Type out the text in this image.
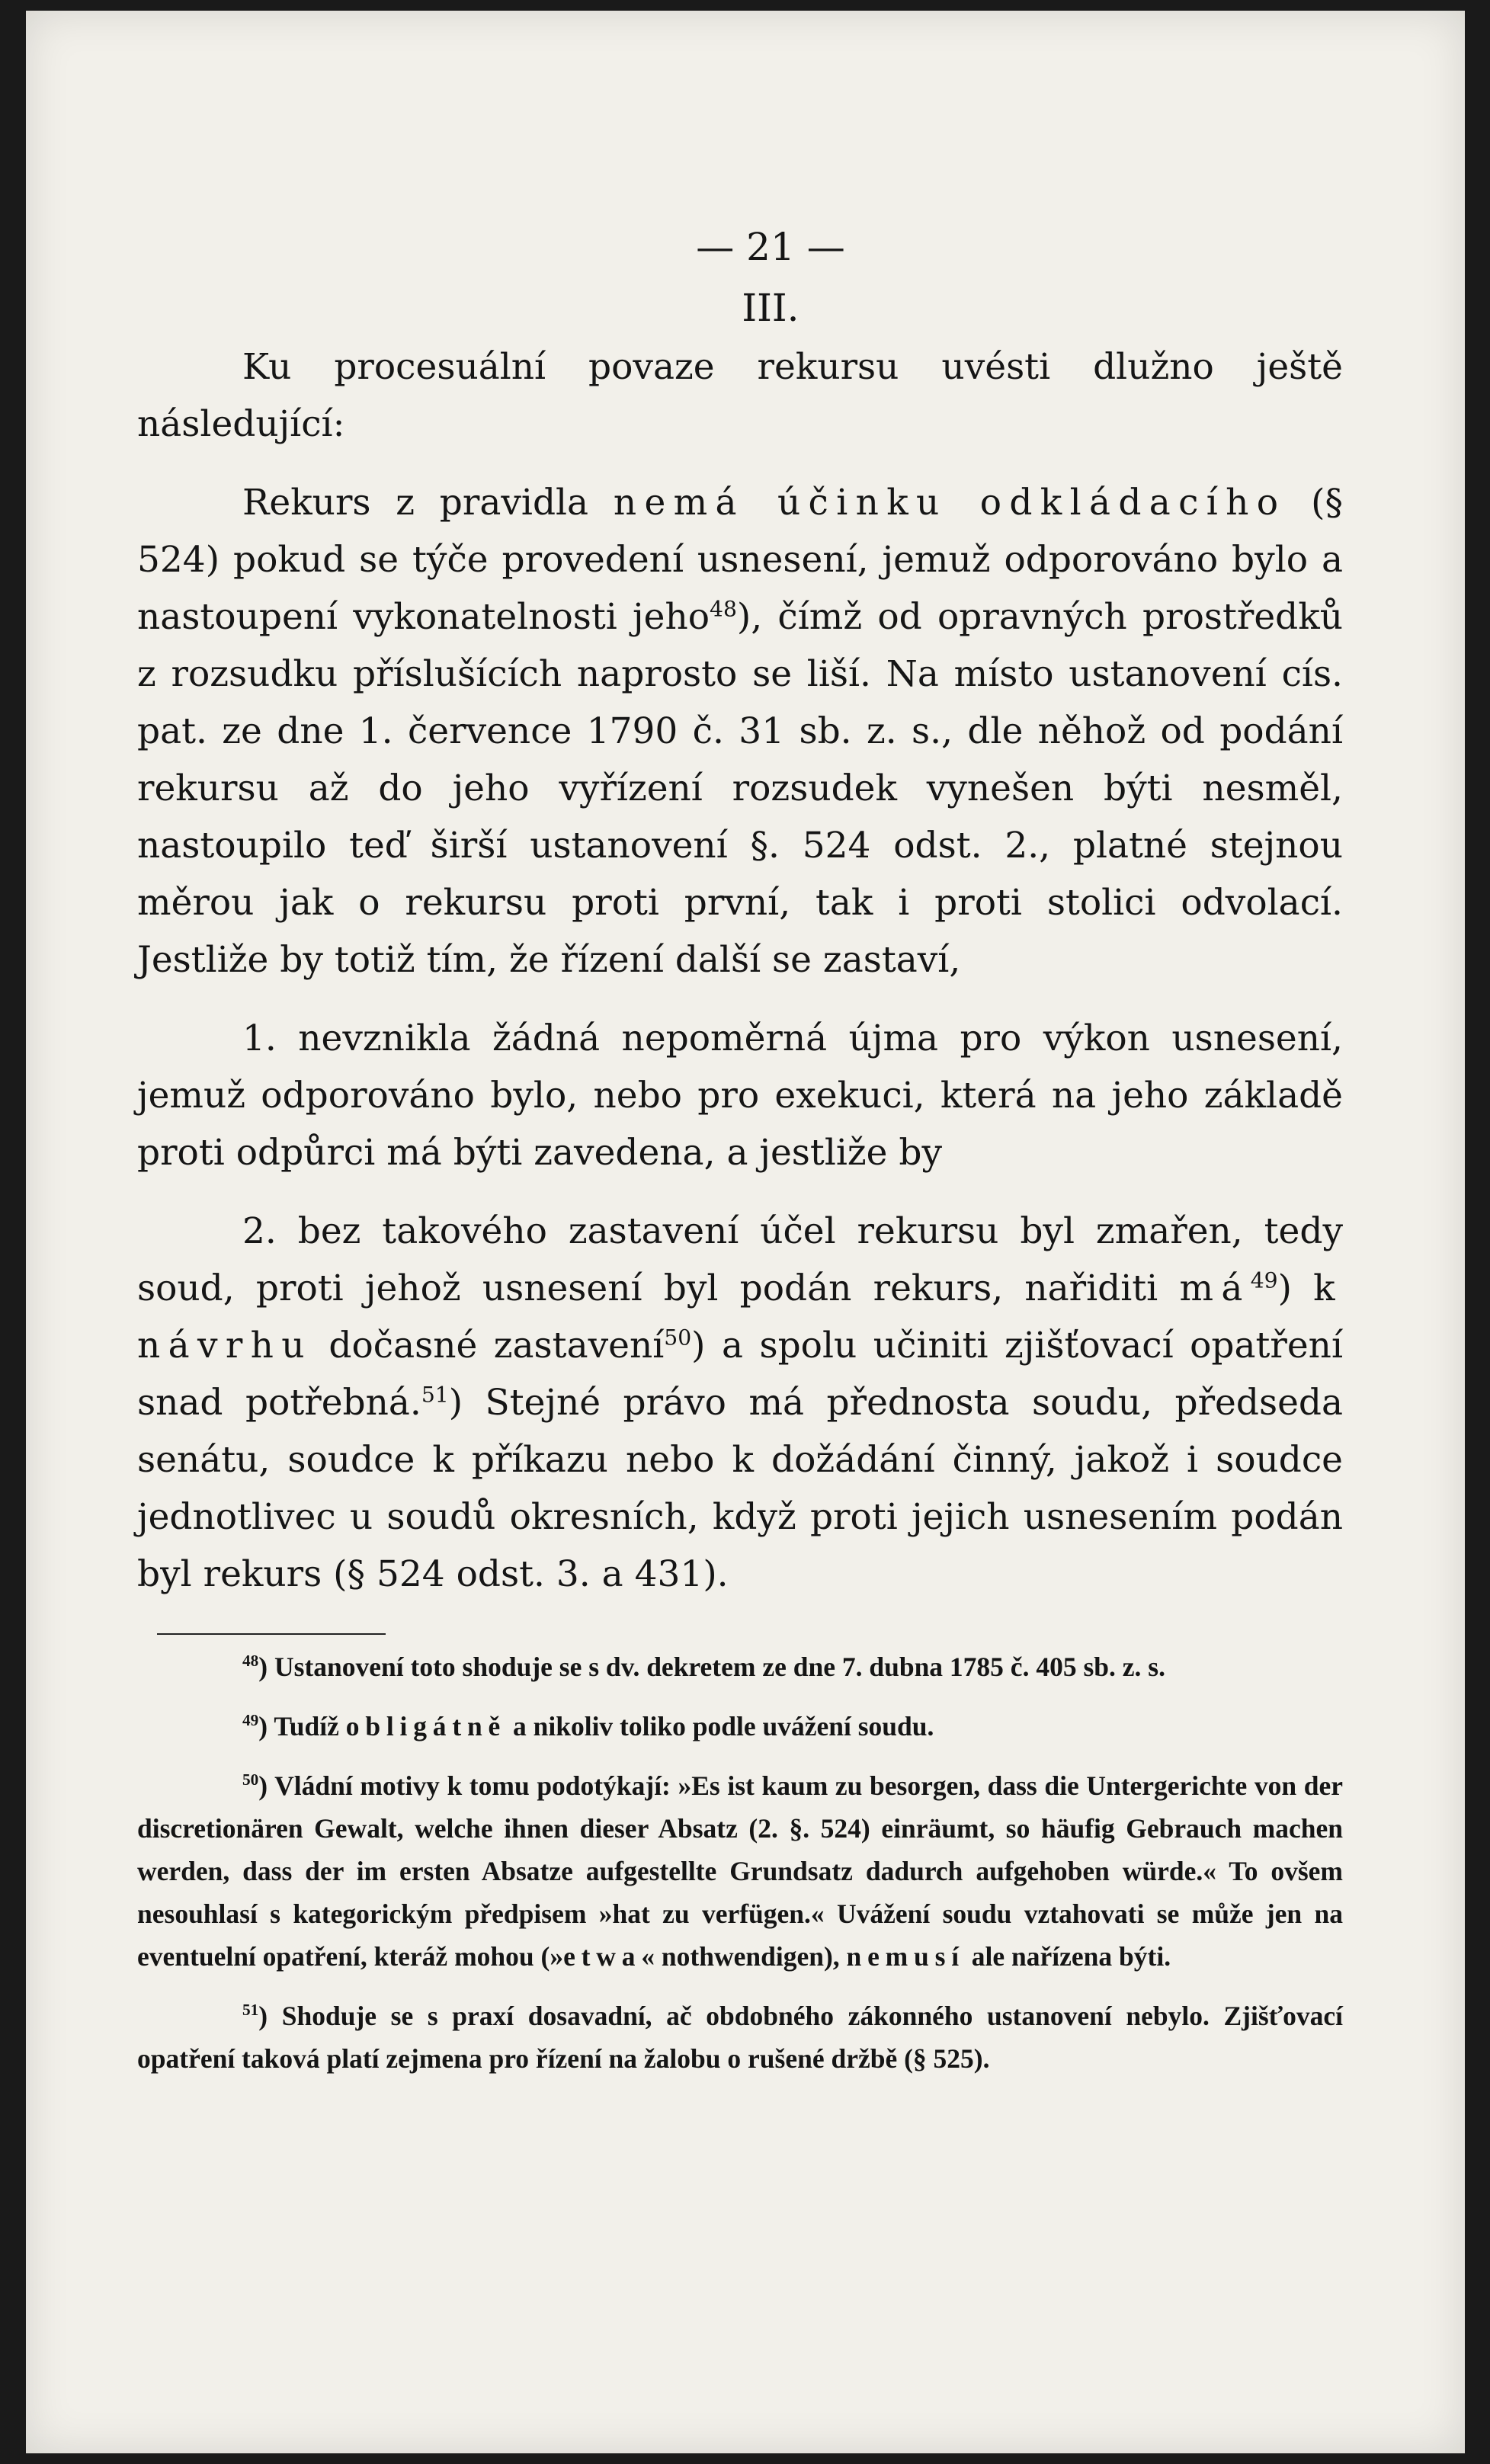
— 21 —
III.

Ku procesuální povaze rekursu uvésti dlužno ještě následující:

Rekurs z pravidla nemá účinku odkládacího (§ 524) pokud se týče provedení usnesení, jemuž odporováno bylo a nastoupení vykonatelnosti jeho$^{48}$), čímž od opravných prostředků z rozsudku příslušících naprosto se liší. Na místo ustanovení cís. pat. ze dne 1. července 1790 č. 31 sb. z. s., dle něhož od podání rekursu až do jeho vyřízení rozsudek vynešen býti nesměl, nastoupilo teď širší ustanovení §. 524 odst. 2., platné stejnou měrou jak o rekursu proti první, tak i proti stolici odvolací. Jestliže by totiž tím, že řízení další se zastaví,

1. nevznikla žádná nepoměrná újma pro výkon usnesení, jemuž odporováno bylo, nebo pro exekuci, která na jeho základě proti odpůrci má býti zavedena, a jestliže by

2. bez takového zastavení účel rekursu byl zmařen, tedy soud, proti jehož usnesení byl podán rekurs, nařiditi $má^{49}$) k návrhu dočasné zastavení$^{50}$) a spolu učiniti zjišťovací opatření snad potřebná.$^{51}$) Stejné právo má přednosta soudu, předseda senátu, soudce k příkazu nebo k dožádání činný, jakož i soudce jednotlivec u soudů okresních, když proti jejich usnesením podán byl rekurs (§ 524 odst. 3. a 431).

$^{48}$) Ustanovení toto shoduje se s dv. dekretem ze dne 7. dubna 1785 č. 405 sb. z. s.

$^{49}$) Tudíž obligátně a nikoliv toliko podle uvážení soudu.

$^{50}$) Vládní motivy k tomu podotýkají: »Es ist kaum zu besorgen, dass die Untergerichte von der discretionären Gewalt, welche ihnen dieser Absatz (2. §. 524) einräumt, so häufig Gebrauch machen werden, dass der im ersten Absatze aufgestellte Grundsatz dadurch aufgehoben würde.« To ovšem nesouhlasí s kategorickým předpisem »hat zu verfügen.« Uvážení soudu vztahovati se může jen na eventuelní opatření, kteráž mohou (»etwa« nothwendigen), nemusí ale nařízena býti.

$^{51}$) Shoduje se s praxí dosavadní, ač obdobného zákonného ustanovení nebylo. Zjišťovací opatření taková platí zejmena pro řízení na žalobu o rušené držbě (§ 525).
